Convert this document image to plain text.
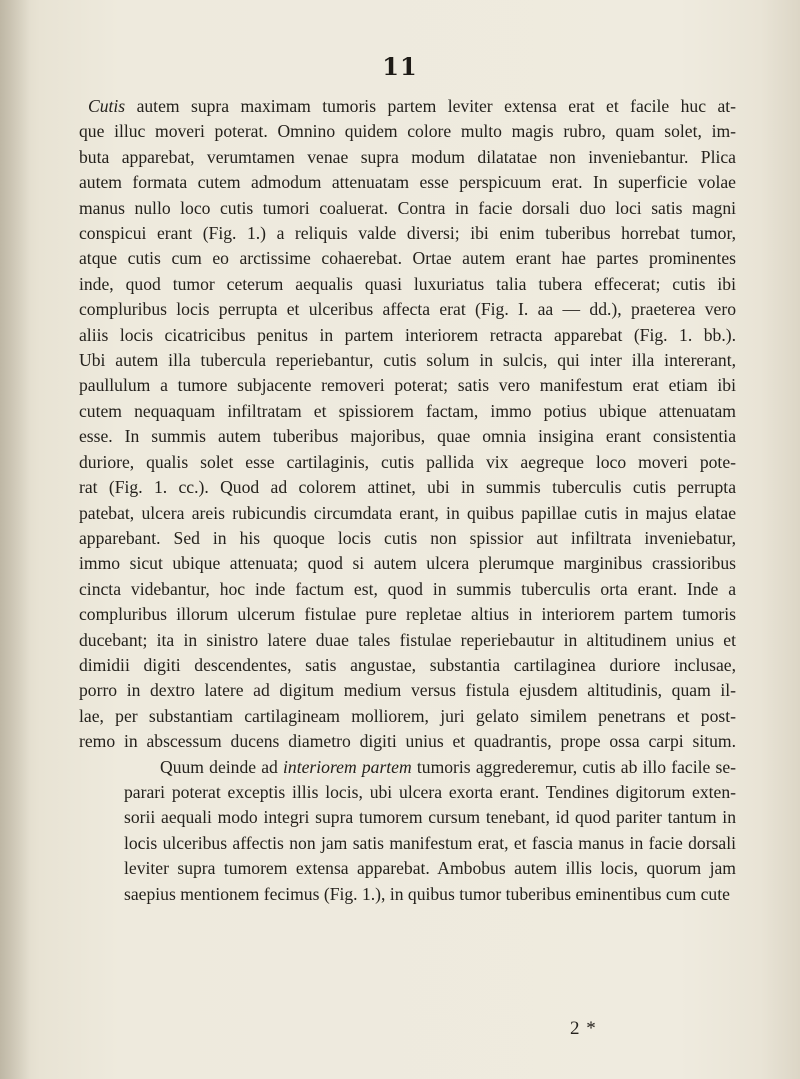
11
Cutis autem supra maximam tumoris partem leviter extensa erat et facile huc at-
que illuc moveri poterat. Omnino quidem colore multo magis rubro, quam solet, im-
buta apparebat, verumtamen venae supra modum dilatatae non inveniebantur. Plica
autem formata cutem admodum attenuatam esse perspicuum erat. In superficie volae
manus nullo loco cutis tumori coaluerat. Contra in facie dorsali duo loci satis magni
conspicui erant (Fig. 1.) a reliquis valde diversi; ibi enim tuberibus horrebat tumor,
atque cutis cum eo arctissime cohaerebat. Ortae autem erant hae partes prominentes
inde, quod tumor ceterum aequalis quasi luxuriatus talia tubera effecerat; cutis ibi
compluribus locis perrupta et ulceribus affecta erat (Fig. I. aa — dd.), praeterea vero
aliis locis cicatricibus penitus in partem interiorem retracta apparebat (Fig. 1. bb.).
Ubi autem illa tubercula reperiebantur, cutis solum in sulcis, qui inter illa intererant,
paullulum a tumore subjacente removeri poterat; satis vero manifestum erat etiam ibi
cutem nequaquam infiltratam et spissiorem factam, immo potius ubique attenuatam
esse. In summis autem tuberibus majoribus, quae omnia insigina erant consistentia
duriore, qualis solet esse cartilaginis, cutis pallida vix aegreque loco moveri pote-
rat (Fig. 1. cc.). Quod ad colorem attinet, ubi in summis tuberculis cutis perrupta
patebat, ulcera areis rubicundis circumdata erant, in quibus papillae cutis in majus elatae
apparebant. Sed in his quoque locis cutis non spissior aut infiltrata inveniebatur,
immo sicut ubique attenuata; quod si autem ulcera plerumque marginibus crassioribus
cincta videbantur, hoc inde factum est, quod in summis tuberculis orta erant. Inde a
compluribus illorum ulcerum fistulae pure repletae altius in interiorem partem tumoris
ducebant; ita in sinistro latere duae tales fistulae reperiebautur in altitudinem unius et
dimidii digiti descendentes, satis angustae, substantia cartilaginea duriore inclusae,
porro in dextro latere ad digitum medium versus fistula ejusdem altitudinis, quam il-
lae, per substantiam cartilagineam molliorem, juri gelato similem penetrans et post-
remo in abscessum ducens diametro digiti unius et quadrantis, prope ossa carpi situm.
Quum deinde ad interiorem partem tumoris aggrederemur, cutis ab illo facile se-
parari poterat exceptis illis locis, ubi ulcera exorta erant. Tendines digitorum exten-
sorii aequali modo integri supra tumorem cursum tenebant, id quod pariter tantum in
locis ulceribus affectis non jam satis manifestum erat, et fascia manus in facie dorsali
leviter supra tumorem extensa apparebat. Ambobus autem illis locis, quorum jam
saepius mentionem fecimus (Fig. 1.), in quibus tumor tuberibus eminentibus cum cute
2 *
